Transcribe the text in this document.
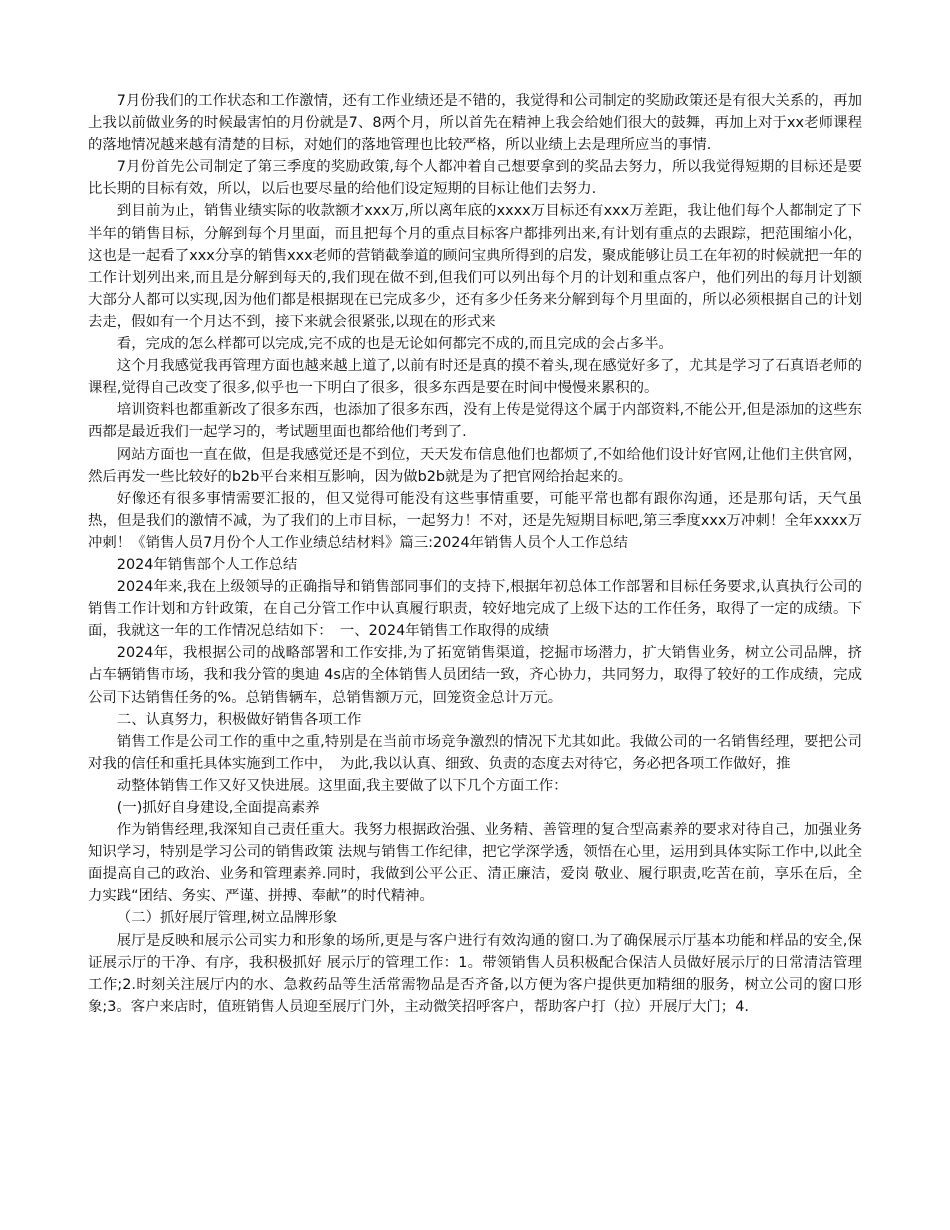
7月份我们的工作状态和工作激情，还有工作业绩还是不错的，我觉得和公司制定的奖励政策还是有很大关系的，再加上我以前做业务的时候最害怕的月份就是7、8两个月，所以首先在精神上我会给她们很大的鼓舞，再加上对于xx老师课程的落地情况越来越有清楚的目标，对她们的落地管理也比较严格，所以业绩上去是理所应当的事情.

7月份首先公司制定了第三季度的奖励政策,每个人都冲着自己想要拿到的奖品去努力，所以我觉得短期的目标还是要比长期的目标有效，所以，以后也要尽量的给他们设定短期的目标让他们去努力.

到目前为止，销售业绩实际的收款额才xxx万,所以离年底的xxxx万目标还有xxx万差距，我让他们每个人都制定了下半年的销售目标，分解到每个月里面，而且把每个月的重点目标客户都排列出来,有计划有重点的去跟踪，把范围缩小化，这也是一起看了xxx分享的销售xxx老师的营销截拳道的顾问宝典所得到的启发，聚成能够让员工在年初的时候就把一年的工作计划列出来,而且是分解到每天的,我们现在做不到,但我们可以列出每个月的计划和重点客户，他们列出的每月计划额大部分人都可以实现,因为他们都是根据现在已完成多少，还有多少任务来分解到每个月里面的，所以必须根据自己的计划去走，假如有一个月达不到，接下来就会很紧张,以现在的形式来

看，完成的怎么样都可以完成,完不成的也是无论如何都完不成的,而且完成的会占多半。

这个月我感觉我再管理方面也越来越上道了,以前有时还是真的摸不着头,现在感觉好多了，尤其是学习了石真语老师的课程,觉得自己改变了很多,似乎也一下明白了很多，很多东西是要在时间中慢慢来累积的。

培训资料也都重新改了很多东西，也添加了很多东西，没有上传是觉得这个属于内部资料,不能公开,但是添加的这些东西都是最近我们一起学习的，考试题里面也都给他们考到了.

网站方面也一直在做，但是我感觉还是不到位，天天发布信息他们也都烦了,不如给他们设计好官网,让他们主供官网，然后再发一些比较好的b2b平台来相互影响，因为做b2b就是为了把官网给抬起来的。

好像还有很多事情需要汇报的，但又觉得可能没有这些事情重要，可能平常也都有跟你沟通，还是那句话，天气虽热，但是我们的激情不减，为了我们的上市目标，一起努力！不对，还是先短期目标吧,第三季度xxx万冲刺！全年xxxx万冲刺！《销售人员7月份个人工作业绩总结材料》篇三:2024年销售人员个人工作总结

2024年销售部个人工作总结

2024年来,我在上级领导的正确指导和销售部同事们的支持下,根据年初总体工作部署和目标任务要求,认真执行公司的销售工作计划和方针政策，在自己分管工作中认真履行职责，较好地完成了上级下达的工作任务，取得了一定的成绩。下面，我就这一年的工作情况总结如下：　一、2024年销售工作取得的成绩

2024年，我根据公司的战略部署和工作安排,为了拓宽销售渠道，挖掘市场潜力，扩大销售业务，树立公司品牌，挤占车辆销售市场，我和我分管的奥迪 4s店的全体销售人员团结一致，齐心协力，共同努力，取得了较好的工作成绩，完成公司下达销售任务的%。总销售辆车，总销售额万元，回笼资金总计万元。

二、认真努力，积极做好销售各项工作

销售工作是公司工作的重中之重,特别是在当前市场竞争激烈的情况下尤其如此。我做公司的一名销售经理，要把公司对我的信任和重托具体实施到工作中，　为此,我以认真、细致、负责的态度去对待它，务必把各项工作做好，推

动整体销售工作又好又快进展。这里面,我主要做了以下几个方面工作：

(一)抓好自身建设,全面提高素养

作为销售经理,我深知自己责任重大。我努力根据政治强、业务精、善管理的复合型高素养的要求对待自己，加强业务知识学习，特别是学习公司的销售政策 法规与销售工作纪律，把它学深学透，领悟在心里，运用到具体实际工作中,以此全面提高自己的政治、业务和管理素养.同时，我做到公平公正、清正廉洁，爱岗 敬业、履行职责,吃苦在前，享乐在后，全力实践“团结、务实、严谨、拼搏、奉献”的时代精神。

（二）抓好展厅管理,树立品牌形象

展厅是反映和展示公司实力和形象的场所,更是与客户进行有效沟通的窗口.为了确保展示厅基本功能和样品的安全,保证展示厅的干净、有序，我积极抓好 展示厅的管理工作：1。带领销售人员积极配合保洁人员做好展示厅的日常清洁管理工作;2.时刻关注展厅内的水、急救药品等生活常需物品是否齐备,以方便为客户提供更加精细的服务，树立公司的窗口形象;3。客户来店时，值班销售人员迎至展厅门外，主动微笑招呼客户，帮助客户打（拉）开展厅大门；4.
